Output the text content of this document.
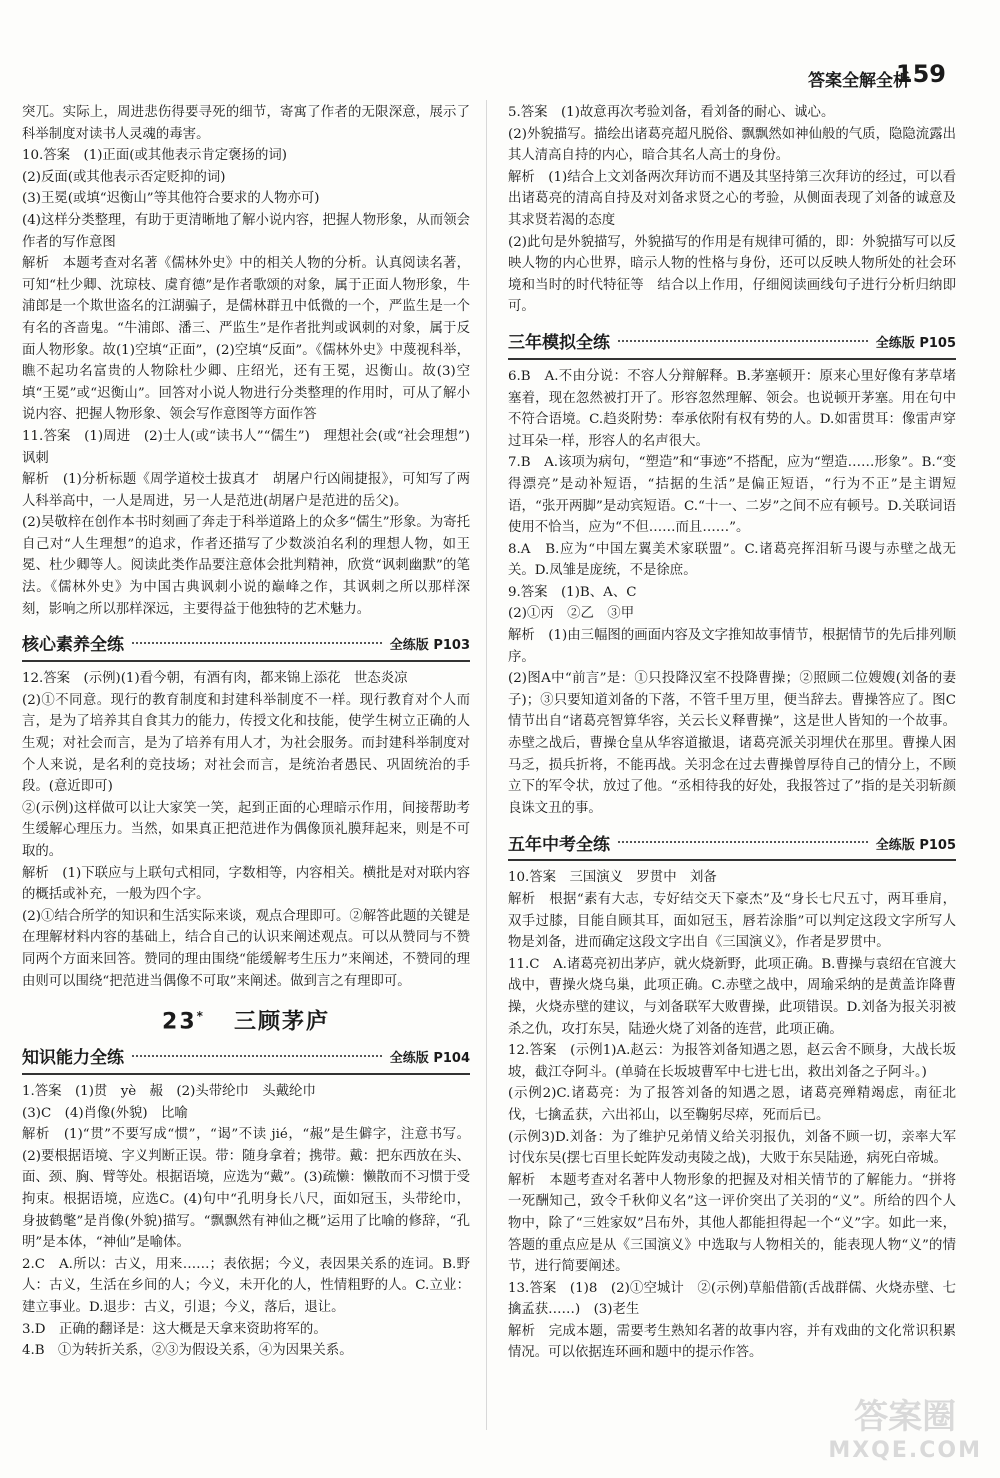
答案全解全析
159

突兀。实际上，周进悲伤得要寻死的细节，寄寓了作者的无限深意，展示了科举制度对读书人灵魂的毒害。

10.答案　(1)正面(或其他表示肯定褒扬的词)

(2)反面(或其他表示否定贬抑的词)

(3)王冕(或填“迟衡山”等其他符合要求的人物亦可)

(4)这样分类整理，有助于更清晰地了解小说内容，把握人物形象，从而领会作者的写作意图

解析　本题考查对名著《儒林外史》中的相关人物的分析。认真阅读名著，可知“杜少卿、沈琼枝、虞育德”是作者歌颂的对象，属于正面人物形象，牛浦郎是一个欺世盗名的江湖骗子，是儒林群丑中低微的一个，严监生是一个有名的吝啬鬼。“牛浦郎、潘三、严监生”是作者批判或讽刺的对象，属于反面人物形象。故(1)空填“正面”，(2)空填“反面”。《儒林外史》中蔑视科举，瞧不起功名富贵的人物除杜少卿、庄绍光，还有王冕，迟衡山。故(3)空填“王冕”或“迟衡山”。回答对小说人物进行分类整理的作用时，可从了解小说内容、把握人物形象、领会写作意图等方面作答

11.答案　(1)周进　(2)士人(或“读书人”“儒生”)　理想社会(或“社会理想”)　讽刺

解析　(1)分析标题《周学道校士拔真才　胡屠户行凶闹捷报》，可知写了两人科举高中，一人是周进，另一人是范进(胡屠户是范进的岳父)。

(2)吴敬梓在创作本书时刻画了奔走于科举道路上的众多“儒生”形象。为寄托自己对“人生理想”的追求，作者还描写了少数淡泊名利的理想人物，如王冕、杜少卿等人。阅读此类作品要注意体会批判精神，欣赏“讽刺幽默”的笔法。《儒林外史》为中国古典讽刺小说的巅峰之作，其讽刺之所以那样深刻，影响之所以那样深远，主要得益于他独特的艺术魅力。

核心素养全练	全练版 P103

12.答案　(示例)(1)看今朝，有酒有肉，都来锦上添花　世态炎凉

(2)①不同意。现行的教育制度和封建科举制度不一样。现行教育对个人而言，是为了培养其自食其力的能力，传授文化和技能，使学生树立正确的人生观；对社会而言，是为了培养有用人才，为社会服务。而封建科举制度对个人来说，是名利的竞技场；对社会而言，是统治者愚民、巩固统治的手段。(意近即可)

②(示例)这样做可以让大家笑一笑，起到正面的心理暗示作用，间接帮助考生缓解心理压力。当然，如果真正把范进作为偶像顶礼膜拜起来，则是不可取的。

解析　(1)下联应与上联句式相同，字数相等，内容相关。横批是对对联内容的概括或补充，一般为四个字。

(2)①结合所学的知识和生活实际来谈，观点合理即可。②解答此题的关键是在理解材料内容的基础上，结合自己的认识来阐述观点。可以从赞同与不赞同两个方面来回答。赞同的理由围绕“能缓解考生压力”来阐述，不赞同的理由则可以围绕“把范进当偶像不可取”来阐述。做到言之有理即可。

23* 三顾茅庐
知识能力全练	全练版 P104

1.答案　(1)贯　yè　赧　(2)头带纶巾　头戴纶巾

(3)C　(4)肖像(外貌)　比喻

解析　(1)“贯”不要写成“惯”，“谒”不读 jié，“赧”是生僻字，注意书写。(2)要根据语境、字义判断正误。带：随身拿着；携带。戴：把东西放在头、面、颈、胸、臂等处。根据语境，应选为“戴”。(3)疏懒：懒散而不习惯于受拘束。根据语境，应选C。(4)句中“孔明身长八尺，面如冠玉，头带纶巾，身披鹤氅”是肖像(外貌)描写。“飘飘然有神仙之概”运用了比喻的修辞，“孔明”是本体，“神仙”是喻体。

2.C　A.所以：古义，用来……；表依据；今义，表因果关系的连词。B.野人：古义，生活在乡间的人；今义，未开化的人，性情粗野的人。C.立业：建立事业。D.退步：古义，引退；今义，落后，退让。

3.D　正确的翻译是：这大概是天拿来资助将军的。

4.B　①为转折关系，②③为假设关系，④为因果关系。

5.答案　(1)故意再次考验刘备，看刘备的耐心、诚心。

(2)外貌描写。描绘出诸葛亮超凡脱俗、飘飘然如神仙般的气质，隐隐流露出其人清高自持的内心，暗合其名人高士的身份。

解析　(1)结合上文刘备两次拜访而不遇及其坚持第三次拜访的经过，可以看出诸葛亮的清高自持及对刘备求贤之心的考验，从侧面表现了刘备的诚意及其求贤若渴的态度

(2)此句是外貌描写，外貌描写的作用是有规律可循的，即：外貌描写可以反映人物的内心世界，暗示人物的性格与身份，还可以反映人物所处的社会环境和当时的时代特征等　结合以上作用，仔细阅读画线句子进行分析归纳即可。

三年模拟全练	全练版 P105

6.B　A.不由分说：不容人分辩解释。B.茅塞顿开：原来心里好像有茅草堵塞着，现在忽然被打开了。形容忽然理解、领会。也说顿开茅塞。用在句中不符合语境。C.趋炎附势：奉承依附有权有势的人。D.如雷贯耳：像雷声穿过耳朵一样，形容人的名声很大。

7.B　A.该项为病句，“塑造”和“事迹”不搭配，应为“塑造……形象”。B.“变得漂亮”是动补短语，“拮据的生活”是偏正短语，“行为不正”是主谓短语，“张开两脚”是动宾短语。C.“十一、二岁”之间不应有顿号。D.关联词语使用不恰当，应为“不但……而且……”。

8.A　B.应为“中国左翼美术家联盟”。C.诸葛亮挥泪斩马谡与赤壁之战无关。D.凤雏是庞统，不是徐庶。

9.答案　(1)B、A、C

(2)①丙　②乙　③甲

解析　(1)由三幅图的画面内容及文字推知故事情节，根据情节的先后排列顺序。

(2)图A中“前言”是：①只投降汉室不投降曹操；②照顾二位嫂嫂(刘备的妻子)；③只要知道刘备的下落，不管千里万里，便当辞去。曹操答应了。图C情节出自“诸葛亮智算华容，关云长义释曹操”，这是世人皆知的一个故事。赤壁之战后，曹操仓皇从华容道撤退，诸葛亮派关羽埋伏在那里。曹操人困马乏，损兵折将，不能再战。关羽念在过去曹操曾厚待自己的情分上，不顾立下的军令状，放过了他。“丞相待我的好处，我报答过了”指的是关羽斩颜良诛文丑的事。

五年中考全练	全练版 P105

10.答案　三国演义　罗贯中　刘备

解析　根据“素有大志，专好结交天下豪杰”及“身长七尺五寸，两耳垂肩，双手过膝，目能自顾其耳，面如冠玉，唇若涂脂”可以判定这段文字所写人物是刘备，进而确定这段文字出自《三国演义》，作者是罗贯中。

11.C　A.诸葛亮初出茅庐，就火烧新野，此项正确。B.曹操与袁绍在官渡大战中，曹操火烧乌巢，此项正确。C.赤壁之战中，周瑜采纳的是黄盖诈降曹操，火烧赤壁的建议，与刘备联军大败曹操，此项错误。D.刘备为报关羽被杀之仇，攻打东吴，陆逊火烧了刘备的连营，此项正确。

12.答案　(示例1)A.赵云：为报答刘备知遇之恩，赵云舍不顾身，大战长坂坡，截江夺阿斗。(单骑在长坂坡曹军中七进七出，救出刘备之子阿斗。)

(示例2)C.诸葛亮：为了报答刘备的知遇之恩，诸葛亮殚精竭虑，南征北伐，七擒孟获，六出祁山，以至鞠躬尽瘁，死而后已。

(示例3)D.刘备：为了维护兄弟情义给关羽报仇，刘备不顾一切，亲率大军讨伐东吴(摆七百里长蛇阵发动夷陵之战)，大败于东吴陆逊，病死白帝城。

解析　本题考查对名著中人物形象的把握及对相关情节的了解能力。“拼将一死酬知己，致令千秋仰义名”这一评价突出了关羽的“义”。所给的四个人物中，除了“三姓家奴”吕布外，其他人都能担得起一个“义”字。如此一来，答题的重点应是从《三国演义》中选取与人物相关的，能表现人物“义”的情节，进行简要阐述。

13.答案　(1)8　(2)①空城计　②(示例)草船借箭(舌战群儒、火烧赤壁、七擒孟获……)　(3)老生

解析　完成本题，需要考生熟知名著的故事内容，并有戏曲的文化常识积累情况。可以依据连环画和题中的提示作答。

答案圈
MXQE.COM
